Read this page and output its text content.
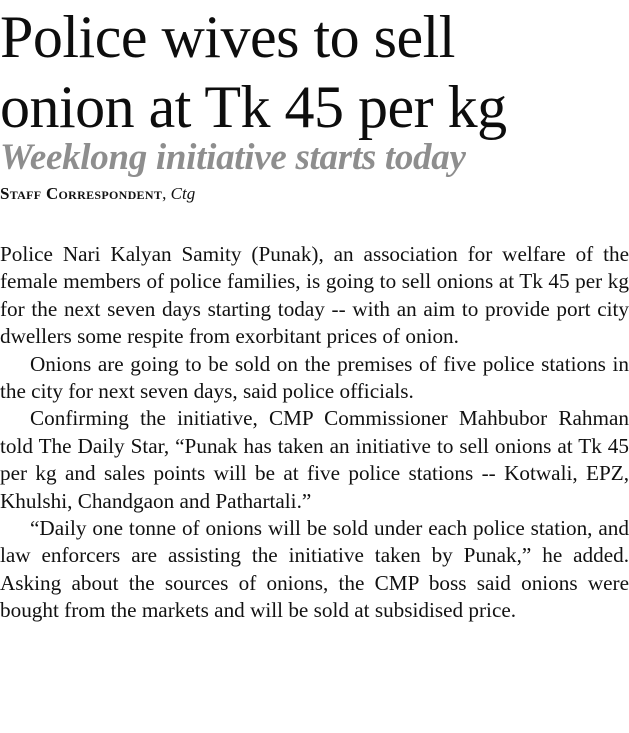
Police wives to sell
onion at Tk 45 per kg
Weeklong initiative starts today

Staff Correspondent, Ctg

Police Nari Kalyan Samity (Punak), an association for welfare of the female members of police families, is going to sell onions at Tk 45 per kg for the next seven days starting today -- with an aim to provide port city dwellers some respite from exorbitant prices of onion.

Onions are going to be sold on the premises of five police stations in the city for next seven days, said police officials.

Confirming the initiative, CMP Commissioner Mahbubor Rahman told The Daily Star, “Punak has taken an initiative to sell onions at Tk 45 per kg and sales points will be at five police stations -- Kotwali, EPZ, Khulshi, Chandgaon and Pathartali.”

“Daily one tonne of onions will be sold under each police station, and law enforcers are assisting the initiative taken by Punak,” he added. Asking about the sources of onions, the CMP boss said onions were bought from the markets and will be sold at subsidised price.
